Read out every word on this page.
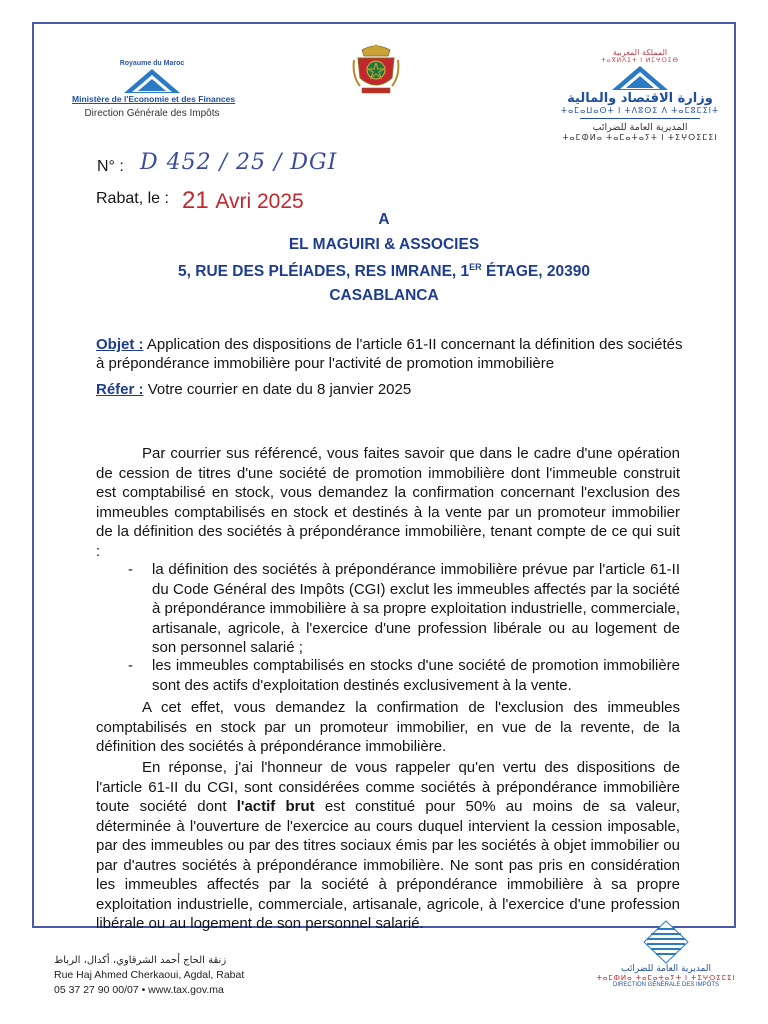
Royaume du Maroc
Ministère de l'Economie et des Finances
Direction Générale des Impôts
المملكة المغربية
ⵜⴰⴳⵍⴷⵉⵜ ⵏ ⵍⵎⵖⵔⵉⴱ
وزارة الاقتصاد والمالية
ⵜⴰⵎⴰⵡⴰⵙⵜ ⵏ ⵜⴷⵓⵙⵉ ⴷ ⵜⴰⵎⵓⵎⵉⵏⵜ
المديرية العامة للضرائب
ⵜⴰⵎⵀⵍⴰ ⵜⴰⵎⴰⵜⴰⵢⵜ ⵏ ⵜⵉⵖⵔⵉⵎⵉⵏ
N° : D 452 / 25 / DGI
Rabat, le : 21 Avri 2025
A
EL MAGUIRI & ASSOCIES
5, RUE DES PLÉIADES, RES IMRANE, 1ER ÉTAGE, 20390
CASABLANCA
Objet : Application des dispositions de l'article 61-II concernant la définition des sociétés à prépondérance immobilière pour l'activité de promotion immobilière
Réfer : Votre courrier en date du 8 janvier 2025
Par courrier sus référencé, vous faites savoir que dans le cadre d'une opération de cession de titres d'une société de promotion immobilière dont l'immeuble construit est comptabilisé en stock, vous demandez la confirmation concernant l'exclusion des immeubles comptabilisés en stock et destinés à la vente par un promoteur immobilier de la définition des sociétés à prépondérance immobilière, tenant compte de ce qui suit :
- la définition des sociétés à prépondérance immobilière prévue par l'article 61-II du Code Général des Impôts (CGI) exclut les immeubles affectés par la société à prépondérance immobilière à sa propre exploitation industrielle, commerciale, artisanale, agricole, à l'exercice d'une profession libérale ou au logement de son personnel salarié ;
- les immeubles comptabilisés en stocks d'une société de promotion immobilière sont des actifs d'exploitation destinés exclusivement à la vente.
A cet effet, vous demandez la confirmation de l'exclusion des immeubles comptabilisés en stock par un promoteur immobilier, en vue de la revente, de la définition des sociétés à prépondérance immobilière.
En réponse, j'ai l'honneur de vous rappeler qu'en vertu des dispositions de l'article 61-II du CGI, sont considérées comme sociétés à prépondérance immobilière toute société dont l'actif brut est constitué pour 50% au moins de sa valeur, déterminée à l'ouverture de l'exercice au cours duquel intervient la cession imposable, par des immeubles ou par des titres sociaux émis par les sociétés à objet immobilier ou par d'autres sociétés à prépondérance immobilière. Ne sont pas pris en considération les immeubles affectés par la société à prépondérance immobilière à sa propre exploitation industrielle, commerciale, artisanale, agricole, à l'exercice d'une profession libérale ou au logement de son personnel salarié.
زنقة الحاج أحمد الشرقاوي، أكدال، الرباط
Rue Haj Ahmed Cherkaoui, Agdal, Rabat
05 37 27 90 00/07 • www.tax.gov.ma
المديرية العامة للضرائب
ⵜⴰⵎⵀⵍⴰ ⵜⴰⵎⴰⵜⴰⵢⵜ ⵏ ⵜⵉⵖⵔⵉⵎⵉⵏ
DIRECTION GÉNÉRALE DES IMPÔTS
